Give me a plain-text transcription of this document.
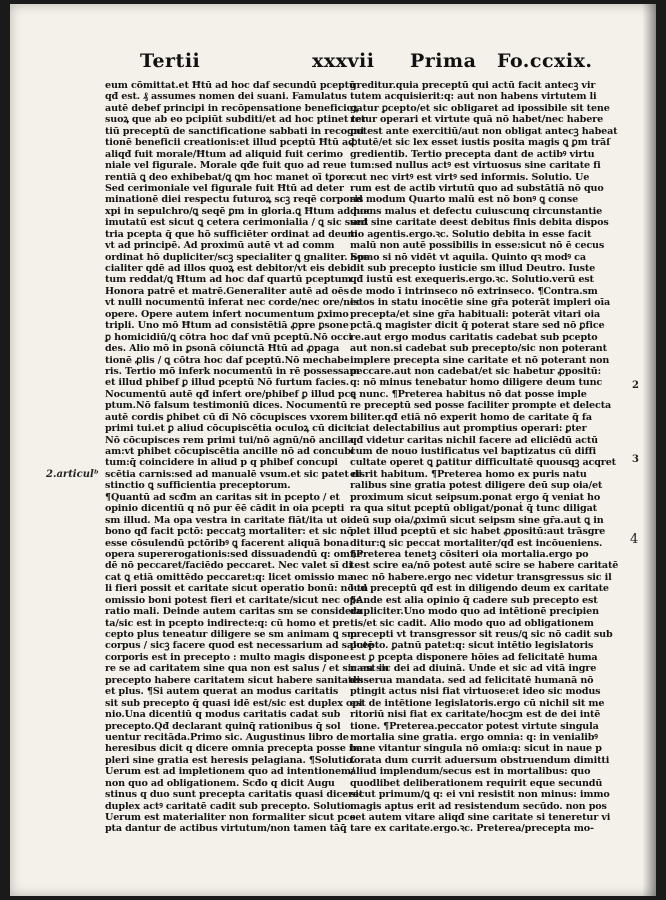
Tertii	xxxvii Prima Fo.ccxix.
eum cōmittat.et Ħtū ad hoc daf secundū pceptū
qđ est. ₰ assumes nomen dei suani. Famulatus
autē debef principi in recōpensatione beneficioꝝ
suoꝝ que ab eo pcipiūt subditi/et ad hoc ptinet ter
tiū preceptū de sanctificatione sabbati in recogni
tionē beneficii creationis:et illud pceptū Ħtū ad
aliqđ fuit morale/Ħtum ad aliquid fuit cerimo
niale vel figurale. Morale qđe fuit quo ad reue
rentiā ꝗ deo exhibebat/ꝗ ꝗm hoc manet oī tꝑore
Sed cerimoniale vel figurale fuit Ħtū ad deter
minationē diei respectu futuroꝝ scꝫ reqē corporis
xpi in sepulchro/ꝗ seqē ꝑm in gloria.ꝗ Ħtum ad hoc
imutatū est sicut ꝗ cetera cerimonialia / ꝗ sic sunt
tria pcepta q̄ que hō sufficiēter ordinat ad deum
vt ad principē. Ad proximū autē vt ad comm
ordinat hō dupliciter/scꝫ specialiter ꝗ gnaliter. Spe
cialiter qdē ad illos quoꝝ est debitor/vt eis debi
tum reddat/ꝗ Ħtum ad hoc daf quartū pceptum
Honora patrē et matrē.Generaliter autē ad oēs
vt nulli nocumentū inferat nec corde/nec ore/nec
opere. Opere autem infert nocumentum ꝑximo
tripli. Uno mō Ħtum ad consistētiā ꝓpre ꝑsone
ꝑ homicidiū/ꝗ cōtra hoc daf vnū pceptū.Nō occi
des. Alio mō in ꝑsonā cōiunctā Ħtū ad ꝓpaga
tionē ꝓlis / ꝗ cōtra hoc daf pceptū.Nō mechabe
ris. Tertio mō inferk nocumentū in rē possessam
et illud phibef ꝑ illud pceptū Nō furtum facies.
Nocumentū autē qđ infert ore/phibef ꝑ illud pce
ptum.Nō falsum testimoniū dices. Nocumentū
autē cordis ꝑhibet cū dī Nō cōcupisces vxorem
primi tui.et ꝑ aliud cōcupiscētia oculoꝝ cū dicit
Nō cōcupisces rem primi tui/nō agnū/nō ancilla
am:vt phibet cōcupiscētia ancille nō ad concubi
tum:q̄ coincidere in aliud p q phibef concupi
scētia carnis:sed ad manualē vsum.et sic patet di
stinctio ꝗ sufficientia preceptorum.
¶Quantū ad scđm an caritas sit in pcepto / et
opinio dicentiū q nō pur ēē cādit in oia pcepti
sm illud. Ma opa vestra in caritate fiāt/ita ut oi
bono qđ facit pctō: peccatꝫ mortaliter: et sic nō
esse cōsulendū pctōribꝰ ꝗ facerent aliquā bona
opera supererogationis:sed dissuadendū q: omne
dē nō peccaret/faciēdo peccaret. Nec valet sī di
cat ꝗ etiā omittēdo peccaret:q: licet omissio ma
li fieri possit et caritate sicut operatio bonū: nō tn
omissio boni potest fieri et caritate/sicut nec ope
ratio mali. Deinde autem caritas sm se considera
ta/sic est in pcepto indirecte:q: cū homo et pre
cepto plus teneatur diligere se sm animam ꝗ sm
corpus / sicꝫ facere quod est necessarium ad salutē
corporis est in precepto : multo magis dispone
re se ad caritatem sine qua non est salus / et sic est in
precepto habere caritatem sicut habere sanitates
et plus. ¶Si autem querat an modus caritatis
sit sub precepto q̄ quasi idē est/sic est duplex opi
nio.Una dicentiū q modus caritatis cadat sub
precepto.Qđ declarant quinq̄ rationibus q̄ sol
uentur recitāda.Primo sic. Augustinus libro de
heresibus dicit q dicere omnia precepta posse im
pleri sine gratia est heresis pelagiana. ¶Solutio.
Uerum est ad impletionem quo ad intentionem/
non quo ad obligationem. Scđo q dicit Augu
stinus q duo sunt precepta caritatis quasi diceret
duplex actꝰ caritatē cadit sub precepto. Solutio.
Uerum est materialiter non formaliter sicut pce
pta dantur de actibus virtutum/non tamen tāq̄̄
greditur.quia preceptū qui actū facit antecꝫ vir
tutem acquisierit:q: aut non habens virtutem li
gatur ꝑcepto/et sic obligaret ad ipossibile sit tene
retur operari et virtute quā nō habet/nec habere
potest ante exercitiū/aut non obligat antecꝫ habeat
ꝓtutē/et sic lex esset iustis posita magis ꝗ ꝑm trāſ
gredientib. Tertio precepta dant de actibꝰ virtu
tum:sed nullus actꝰ est virtuosus sine caritate fi
cut nec virtꝰ est virtꝰ sed informis. Solutio. Ue
rum est de actib virtutū quo ad substātiā nō quo
ad modum Quarto malū est nō bonꝰ ꝗ conse
quens malus et defectu cuiuscunq circunstantie
sed sine caritate deest debitus finis debita dispos
tio agentis.ergo.ꝛc. Solutio debita in esse facit
malū non autē possibilis in esse:sicut nō ē cecus
homo si nō vidēt vt aquila. Quinto qꝛ modꝰ ca
dit sub precepto iusticie sm illud Deutro. Iuste
qđ iustū est exequeris.ergo.ꝛc. Solutio.verū est
de modo ī intrinseco nō extrinseco. ¶Contra.sm
istos in statu inocētie sine gr̄a poterāt impleri oīa
precepta/et sine gr̄a habituali: poterāt vitari oia
pctā.ꝗ magister dicit q̄ poterat stare sed nō ꝑfice
re.aut ergo modus caritatis cadebat sub pcepto
aut non.si cadebat sub precepto/sic non poterant
implere precepta sine caritate et nō poterant non
peccare.aut non cadebat/et sic habetur ꝓpositū:
q: nō minus tenebatur homo diligere deum tunc
ꝗ nunc. ¶Preterea habitus nō dat posse imple
re preceptū sed posse faciliter prompte et delecta
biliter.qđ etiā nō experit homo de caritate q̄ fa
ciat delectabilius aut promptius operari: ꝑter
qđ videtur caritas nichil facere ad eliciēdū actū
cum de nouo iustificatus vel baptizatus cū diffi
cultate operet ꝗ ꝑatitur difficultatē quousqꝫ acqret
eisrit habitum. ¶Preterea homo ex puris natu
ralibus sine gratia potest diligere deū sup oia/et
proximum sicut seipsum.ponat ergo q̄ veniat ho
ra qua situt pceptū obligat/ponaṫ q̄ tunc diligat
deū sup oia/ꝓximū sicut seipsm sine gr̄a.aut ꝗ in
plet illud pceptū et sic habet ꝓpositū:aut trāsgre
ditur:ꝗ sic peccat mortaliter/qđ est incōueniens.
¶Preterea tenetꝫ cōsiteri oia mortalia.ergo po
test scire ea/nō potest autē scire se habere caritatē
nec nō habere.ergo nec videtur transgressus sic il
lud preceptū qđ est in diligendo deum ex caritate
¶Ande est alia opinio q̄ cadere sub precepto est
dupliciter.Uno modo quo ad intētionē precipien
tis/et sic cadit. Alio modo quo ad obligationem
precepti vt transgressor sit reus/ꝗ sic nō cadit sub
pcepto. ꝑatnū patet:q: sicut intētio legislatoris
est ꝑ pcepta disponere hōies ad felicitatē huma
nam sic dei ad diuinā. Unde et sic ad vitā ingre
di:serua mandata. sed ad felicitatē humanā nō
ptingit actus nisi fiat virtuose:et ideo sic modus
est de intētione legislatoris.ergo cū nichil sit me
ritoriū nisi fiat ex caritate/hocꝫm est de dei intē
tione. ¶Preterea.peccator potest virtute singula
mortalia sine gratia. ergo omnia: q: in venialibꝰ
bene vitantur singula nō omia:q: sicut in naue p
forata dum currit aduersum obstruendum dimitti
aliud implendum/secus est in mortalibus: quo
quodlibet deliberationem requirit eque secundū
sicut primum/ꝗ q: ei vni resistit non minus: immo
magis aptus erit ad resistendum secūdo. non pos
set autem vitare aliqđ sine caritate si teneretur vi
tare ex caritate.ergo.ꝛc. Preterea/precepta mo-
2.articulᵇ
2
3
4
